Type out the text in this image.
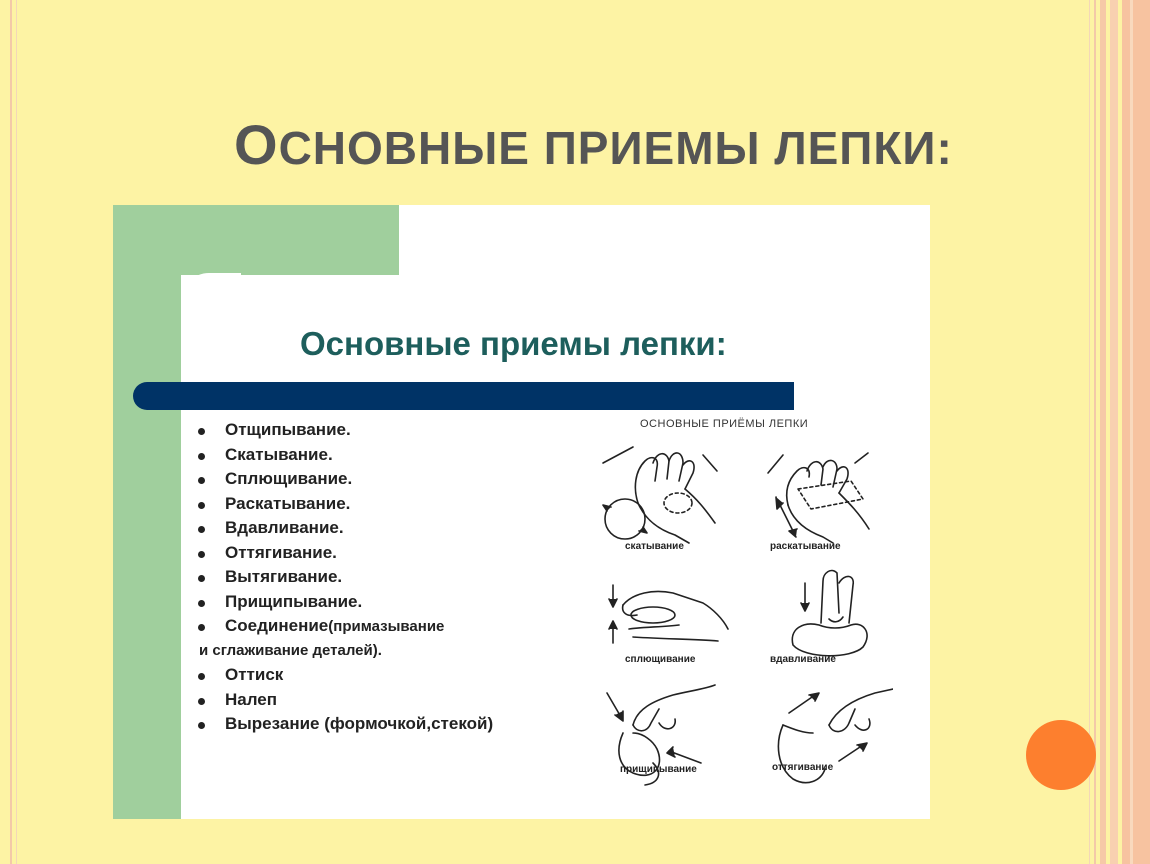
ОСНОВНЫЕ ПРИЕМЫ ЛЕПКИ:
Основные приемы лепки:
Отщипывание.
Скатывание.
Сплющивание.
Раскатывание.
Вдавливание.
Оттягивание.
Вытягивание.
Прищипывание.
Соединение(примазывание
и сглаживание деталей).
Оттиск
Налеп
Вырезание (формочкой,стекой)
ОСНОВНЫЕ ПРИЁМЫ ЛЕПКИ
скатывание	раскатывание
сплющивание	вдавливание
прищипывание	оттягивание
